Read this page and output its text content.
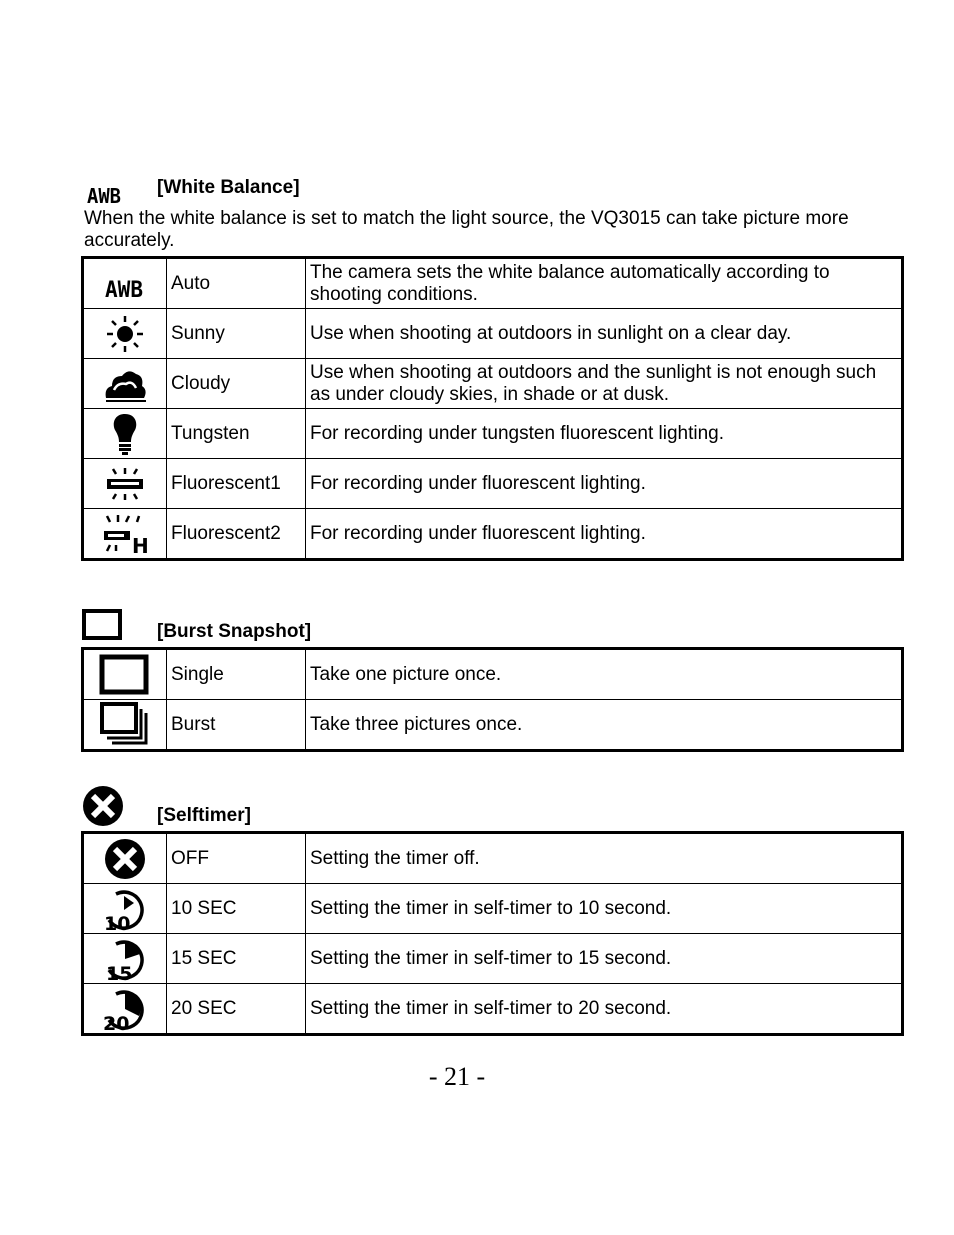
AWB [White Balance]
When the white balance is set to match the light source, the VQ3015 can take picture more accurately.
AWB	Auto	The camera sets the white balance automatically according to shooting conditions.

	Sunny	Use when shooting at outdoors in sunlight on a clear day.

	Cloudy	Use when shooting at outdoors and the sunlight is not enough such as under cloudy skies, in shade or at dusk.

	Tungsten	For recording under tungsten fluorescent lighting.

	Fluorescent1	For recording under fluorescent lighting.

H	Fluorescent2	For recording under fluorescent lighting.
[Burst Snapshot]
	Single	Take one picture once.

	Burst	Take three pictures once.
[Selftimer]
	OFF	Setting the timer off.

10	10 SEC	Setting the timer in self-timer to 10 second.

15	15 SEC	Setting the timer in self-timer to 15 second.

20	20 SEC	Setting the timer in self-timer to 20 second.
- 21 -
